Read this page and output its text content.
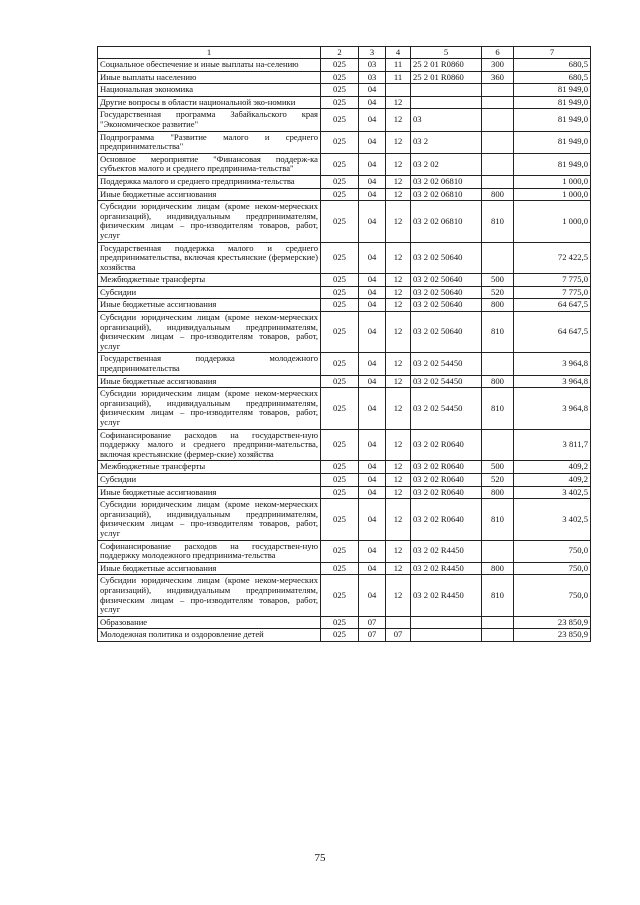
1	2	3	4	5	6	7
Социальное обеспечение и иные выплаты на-селению	025	03	11	25 2 01 R0860	300	680,5
Иные выплаты населению	025	03	11	25 2 01 R0860	360	680,5
Национальная экономика	025	04				81 949,0
Другие вопросы в области национальной эко-номики	025	04	12			81 949,0
Государственная программа Забайкальского края "Экономическое развитие"	025	04	12	03		81 949,0
Подпрограмма "Развитие малого и среднего предпринимательства"	025	04	12	03 2		81 949,0
Основное мероприятие "Финансовая поддерж-ка субъектов малого и среднего предпринима-тельства"	025	04	12	03 2 02		81 949,0
Поддержка малого и среднего предпринима-тельства	025	04	12	03 2 02 06810		1 000,0
Иные бюджетные ассигнования	025	04	12	03 2 02 06810	800	1 000,0
Субсидии юридическим лицам (кроме неком-мерческих организаций), индивидуальным предпринимателям, физическим лицам – про-изводителям товаров, работ, услуг	025	04	12	03 2 02 06810	810	1 000,0
Государственная поддержка малого и среднего предпринимательства, включая крестьянские (фермерские) хозяйства	025	04	12	03 2 02 50640		72 422,5
Межбюджетные трансферты	025	04	12	03 2 02 50640	500	7 775,0
Субсидии	025	04	12	03 2 02 50640	520	7 775,0
Иные бюджетные ассигнования	025	04	12	03 2 02 50640	800	64 647,5
Субсидии юридическим лицам (кроме неком-мерческих организаций), индивидуальным предпринимателям, физическим лицам – про-изводителям товаров, работ, услуг	025	04	12	03 2 02 50640	810	64 647,5
Государственная поддержка молодежного предпринимательства	025	04	12	03 2 02 54450		3 964,8
Иные бюджетные ассигнования	025	04	12	03 2 02 54450	800	3 964,8
Субсидии юридическим лицам (кроме неком-мерческих организаций), индивидуальным предпринимателям, физическим лицам – про-изводителям товаров, работ, услуг	025	04	12	03 2 02 54450	810	3 964,8
Софинансирование расходов на государствен-ную поддержку малого и среднего предприни-мательства, включая крестьянские (фермер-ские) хозяйства	025	04	12	03 2 02 R0640		3 811,7
Межбюджетные трансферты	025	04	12	03 2 02 R0640	500	409,2
Субсидии	025	04	12	03 2 02 R0640	520	409,2
Иные бюджетные ассигнования	025	04	12	03 2 02 R0640	800	3 402,5
Субсидии юридическим лицам (кроме неком-мерческих организаций), индивидуальным предпринимателям, физическим лицам – про-изводителям товаров, работ, услуг	025	04	12	03 2 02 R0640	810	3 402,5
Софинансирование расходов на государствен-ную поддержку молодежного предпринима-тельства	025	04	12	03 2 02 R4450		750,0
Иные бюджетные ассигнования	025	04	12	03 2 02 R4450	800	750,0
Субсидии юридическим лицам (кроме неком-мерческих организаций), индивидуальным предпринимателям, физическим лицам – про-изводителям товаров, работ, услуг	025	04	12	03 2 02 R4450	810	750,0
Образование	025	07				23 850,9
Молодежная политика и оздоровление детей	025	07	07			23 850,9
75
